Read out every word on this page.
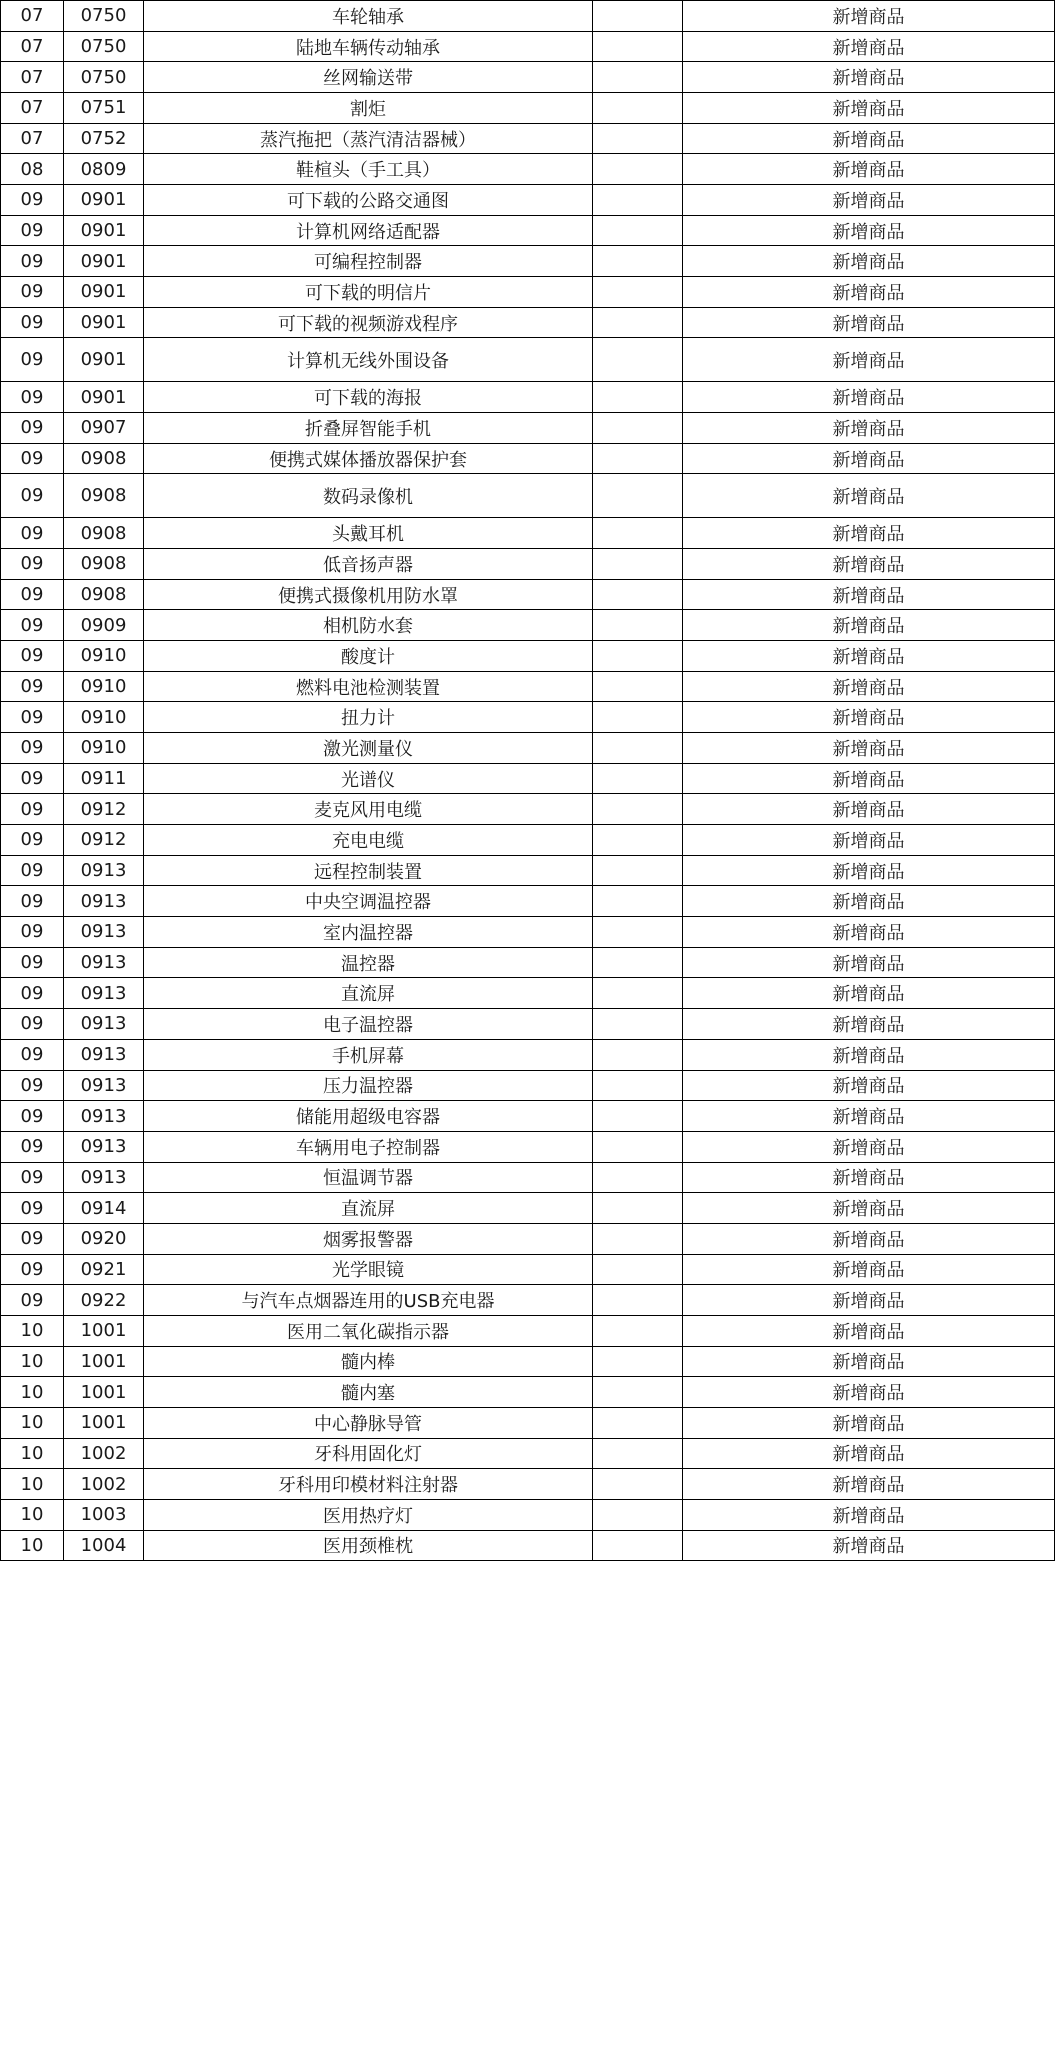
07	0750	车轮轴承		新增商品
07	0750	陆地车辆传动轴承		新增商品
07	0750	丝网输送带		新增商品
07	0751	割炬		新增商品
07	0752	蒸汽拖把（蒸汽清洁器械）		新增商品
08	0809	鞋楦头（手工具）		新增商品
09	0901	可下载的公路交通图		新增商品
09	0901	计算机网络适配器		新增商品
09	0901	可编程控制器		新增商品
09	0901	可下载的明信片		新增商品
09	0901	可下载的视频游戏程序		新增商品
09	0901	计算机无线外围设备		新增商品
09	0901	可下载的海报		新增商品
09	0907	折叠屏智能手机		新增商品
09	0908	便携式媒体播放器保护套		新增商品
09	0908	数码录像机		新增商品
09	0908	头戴耳机		新增商品
09	0908	低音扬声器		新增商品
09	0908	便携式摄像机用防水罩		新增商品
09	0909	相机防水套		新增商品
09	0910	酸度计		新增商品
09	0910	燃料电池检测装置		新增商品
09	0910	扭力计		新增商品
09	0910	激光测量仪		新增商品
09	0911	光谱仪		新增商品
09	0912	麦克风用电缆		新增商品
09	0912	充电电缆		新增商品
09	0913	远程控制装置		新增商品
09	0913	中央空调温控器		新增商品
09	0913	室内温控器		新增商品
09	0913	温控器		新增商品
09	0913	直流屏		新增商品
09	0913	电子温控器		新增商品
09	0913	手机屏幕		新增商品
09	0913	压力温控器		新增商品
09	0913	储能用超级电容器		新增商品
09	0913	车辆用电子控制器		新增商品
09	0913	恒温调节器		新增商品
09	0914	直流屏		新增商品
09	0920	烟雾报警器		新增商品
09	0921	光学眼镜		新增商品
09	0922	与汽车点烟器连用的USB充电器		新增商品
10	1001	医用二氧化碳指示器		新增商品
10	1001	髓内棒		新增商品
10	1001	髓内塞		新增商品
10	1001	中心静脉导管		新增商品
10	1002	牙科用固化灯		新增商品
10	1002	牙科用印模材料注射器		新增商品
10	1003	医用热疗灯		新增商品
10	1004	医用颈椎枕		新增商品
